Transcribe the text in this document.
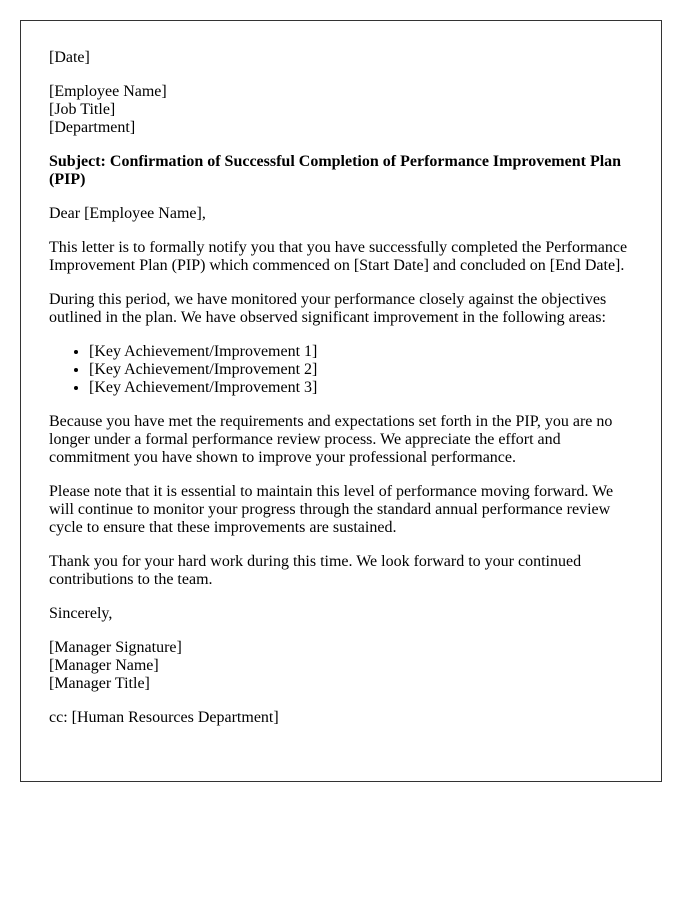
[Date]

[Employee Name]
[Job Title]
[Department]

Subject: Confirmation of Successful Completion of Performance Improvement Plan (PIP)

Dear [Employee Name],

This letter is to formally notify you that you have successfully completed the Performance Improvement Plan (PIP) which commenced on [Start Date] and concluded on [End Date].

During this period, we have monitored your performance closely against the objectives outlined in the plan. We have observed significant improvement in the following areas:

• [Key Achievement/Improvement 1]
• [Key Achievement/Improvement 2]
• [Key Achievement/Improvement 3]

Because you have met the requirements and expectations set forth in the PIP, you are no longer under a formal performance review process. We appreciate the effort and commitment you have shown to improve your professional performance.

Please note that it is essential to maintain this level of performance moving forward. We will continue to monitor your progress through the standard annual performance review cycle to ensure that these improvements are sustained.

Thank you for your hard work during this time. We look forward to your continued contributions to the team.

Sincerely,

[Manager Signature]
[Manager Name]
[Manager Title]

cc: [Human Resources Department]
